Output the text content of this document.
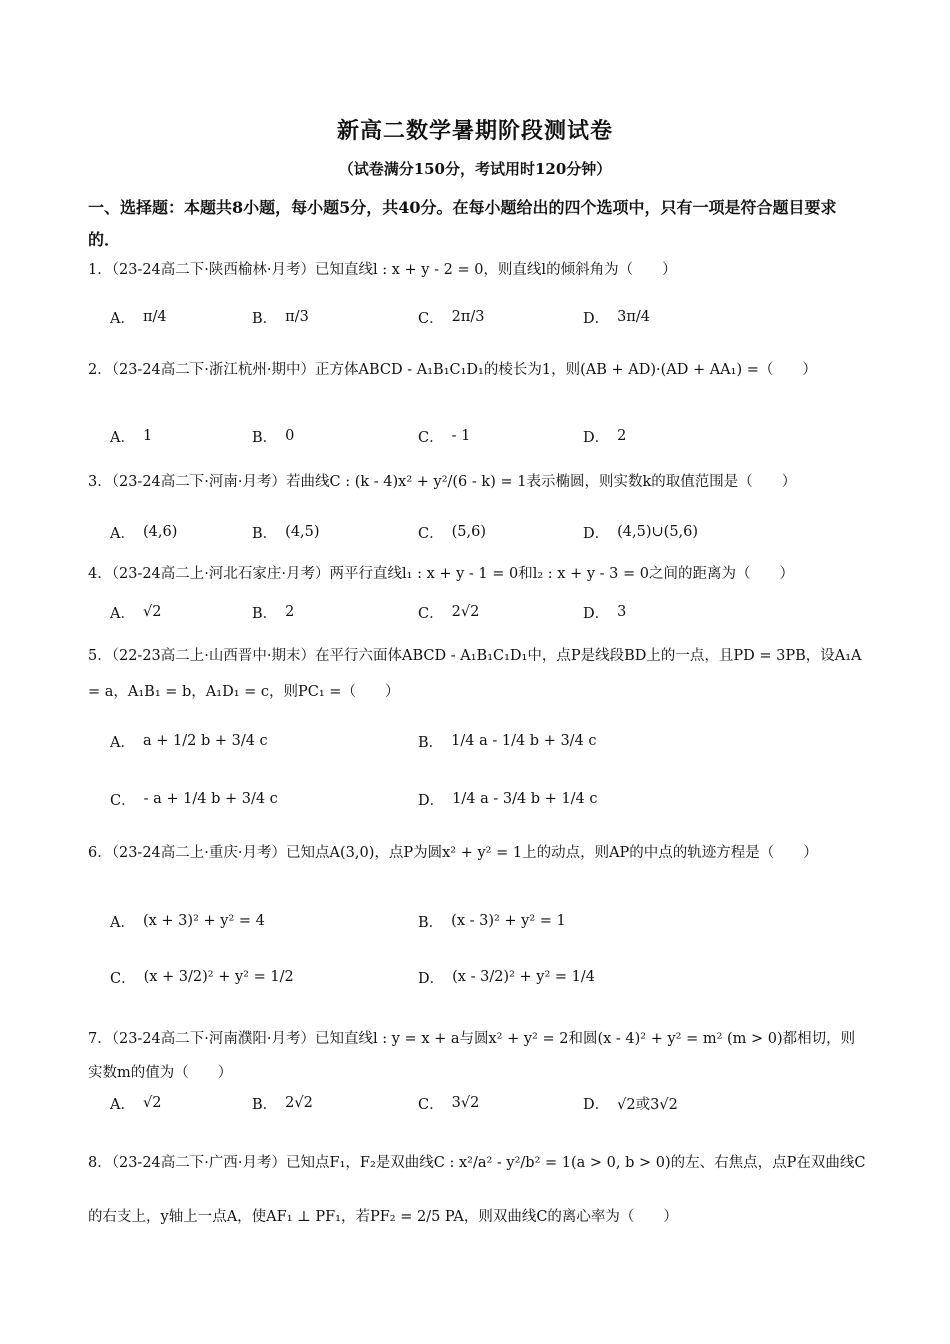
新高二数学暑期阶段测试卷
（试卷满分150分，考试用时120分钟）
一、选择题：本题共8小题，每小题5分，共40分。在每小题给出的四个选项中，只有一项是符合题目要求的．
1．（23-24高二下·陕西榆林·月考）已知直线l : x + y - 2 = 0，则直线l的倾斜角为（　　）
A． π/4	B． π/3	C． 2π/3	D． 3π/4
2．（23-24高二下·浙江杭州·期中）正方体ABCD - A₁B₁C₁D₁的棱长为1，则(AB + AD)·(AD + AA₁) =（　　）
A． 1	B． 0	C． - 1	D． 2
3．（23-24高二下·河南·月考）若曲线C : (k - 4)x² + y²/(6 - k) = 1表示椭圆，则实数k的取值范围是（　　）
A． (4,6)	B． (4,5)	C． (5,6)	D． (4,5)∪(5,6)
4．（23-24高二上·河北石家庄·月考）两平行直线l₁ : x + y - 1 = 0和l₂ : x + y - 3 = 0之间的距离为（　　）
A． √2	B． 2	C． 2√2	D． 3
5．（22-23高二上·山西晋中·期末）在平行六面体ABCD - A₁B₁C₁D₁中，点P是线段BD上的一点，且PD = 3PB，设A₁A = a，A₁B₁ = b，A₁D₁ = c，则PC₁ =（　　）
A． a + 1/2 b + 3/4 c	B． 1/4 a - 1/4 b + 3/4 c
C． - a + 1/4 b + 3/4 c	D． 1/4 a - 3/4 b + 1/4 c
6．（23-24高二上·重庆·月考）已知点A(3,0)，点P为圆x² + y² = 1上的动点，则AP的中点的轨迹方程是（　　）
A． (x + 3)² + y² = 4	B． (x - 3)² + y² = 1
C． (x + 3/2)² + y² = 1/2	D． (x - 3/2)² + y² = 1/4
7．（23-24高二下·河南濮阳·月考）已知直线l : y = x + a与圆x² + y² = 2和圆(x - 4)² + y² = m² (m > 0)都相切，则实数m的值为（　　）
A． √2	B． 2√2	C． 3√2	D． √2或3√2
8．（23-24高二下·广西·月考）已知点F₁，F₂是双曲线C : x²/a² - y²/b² = 1(a > 0, b > 0)的左、右焦点，点P在双曲线C的右支上，y轴上一点A，使AF₁ ⊥ PF₁，若PF₂ = 2/5 PA，则双曲线C的离心率为（　　）
